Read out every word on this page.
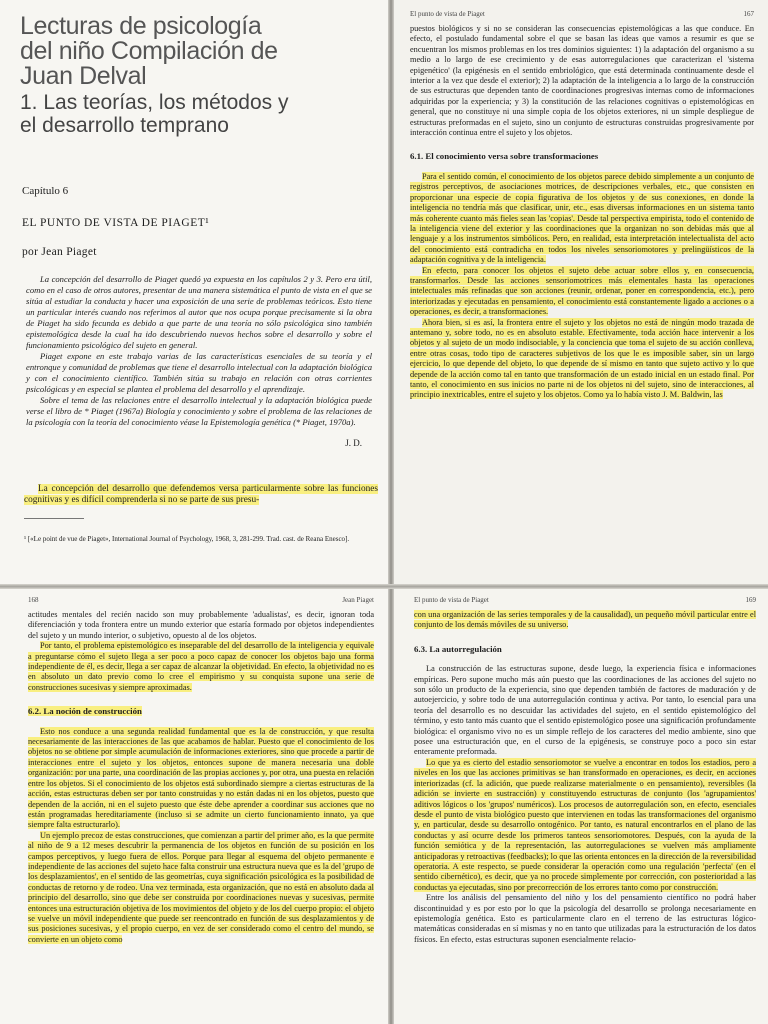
Lecturas de psicología
del niño Compilación de
Juan Delval
1. Las teorías, los métodos y
el desarrollo temprano
Capítulo 6
EL PUNTO DE VISTA DE PIAGET¹
por Jean Piaget

La concepción del desarrollo de Piaget quedó ya expuesta en los capítulos 2 y 3. Pero era útil, como en el caso de otros autores, presentar de una manera sistemática el punto de vista en el que se sitúa al estudiar la conducta y hacer una exposición de una serie de problemas teóricos. Esto tiene un particular interés cuando nos referimos al autor que nos ocupa porque precisamente si la obra de Piaget ha sido fecunda es debido a que parte de una teoría no sólo psicológica sino también epistemológica desde la cual ha ido descubriendo nuevos hechos sobre el desarrollo y sobre el funcionamiento psicológico del sujeto en general.

Piaget expone en este trabajo varias de las características esenciales de su teoría y el entronque y comunidad de problemas que tiene el desarrollo intelectual con la adaptación biológica y con el conocimiento científico. También sitúa su trabajo en relación con otras corrientes psicológicas y en especial se plantea el problema del desarrollo y el aprendizaje.

Sobre el tema de las relaciones entre el desarrollo intelectual y la adaptación biológica puede verse el libro de * Piaget (1967a) Biología y conocimiento y sobre el problema de las relaciones de la psicología con la teoría del conocimiento véase la Epistemología genética (* Piaget, 1970a).

J. D.
La concepción del desarrollo que defendemos versa particularmente sobre las funciones cognitivas y es difícil comprenderla si no se parte de sus presu-
¹ [«Le point de vue de Piaget», International Journal of Psychology, 1968, 3, 281-299. Trad. cast. de Reana Enesco].
El punto de vista de Piaget	167

puestos biológicos y si no se consideran las consecuencias epistemológicas a las que conduce. En efecto, el postulado fundamental sobre el que se basan las ideas que vamos a resumir es que se encuentran los mismos problemas en los tres dominios siguientes: 1) la adaptación del organismo a su medio a lo largo de ese crecimiento y de esas autorregulaciones que caracterizan el 'sistema epigenético' (la epigénesis en el sentido embriológico, que está determinada continuamente desde el interior a la vez que desde el exterior); 2) la adaptación de la inteligencia a lo largo de la construcción de sus estructuras que dependen tanto de coordinaciones progresivas internas como de informaciones adquiridas por la experiencia; y 3) la constitución de las relaciones cognitivas o epistemológicas en general, que no constituye ni una simple copia de los objetos exteriores, ni un simple despliegue de estructuras preformadas en el sujeto, sino un conjunto de estructuras construidas progresivamente por interacción continua entre el sujeto y los objetos.

6.1. El conocimiento versa sobre transformaciones

Para el sentido común, el conocimiento de los objetos parece debido simplemente a un conjunto de registros perceptivos, de asociaciones motrices, de descripciones verbales, etc., que consisten en proporcionar una especie de copia figurativa de los objetos y de sus conexiones, en donde la inteligencia no tendría más que clasificar, unir, etc., esas diversas informaciones en un sistema tanto más coherente cuanto más fieles sean las 'copias'. Desde tal perspectiva empirista, todo el contenido de la inteligencia viene del exterior y las coordinaciones que la organizan no son debidas más que al lenguaje y a los instrumentos simbólicos. Pero, en realidad, esta interpretación intelectualista del acto del conocimiento está contradicha en todos los niveles sensoriomotores y prelingüísticos de la adaptación cognitiva y de la inteligencia.

En efecto, para conocer los objetos el sujeto debe actuar sobre ellos y, en consecuencia, transformarlos. Desde las acciones sensoriomotrices más elementales hasta las operaciones intelectuales más refinadas que son acciones (reunir, ordenar, poner en correspondencia, etc.), pero interiorizadas y ejecutadas en pensamiento, el conocimiento está constantemente ligado a acciones o a operaciones, es decir, a transformaciones.

Ahora bien, si es así, la frontera entre el sujeto y los objetos no está de ningún modo trazada de antemano y, sobre todo, no es en absoluto estable. Efectivamente, toda acción hace intervenir a los objetos y al sujeto de un modo indisociable, y la conciencia que toma el sujeto de su acción conlleva, entre otras cosas, todo tipo de caracteres subjetivos de los que le es imposible saber, sin un largo ejercicio, lo que depende del objeto, lo que depende de sí mismo en tanto que sujeto activo y lo que depende de la acción como tal en tanto que transformación de un estado inicial en un estado final. Por tanto, el conocimiento en sus inicios no parte ni de los objetos ni del sujeto, sino de interacciones, al principio inextricables, entre el sujeto y los objetos. Como ya lo había visto J. M. Baldwin, las

168	Jean Piaget

actitudes mentales del recién nacido son muy probablemente 'adualistas', es decir, ignoran toda diferenciación y toda frontera entre un mundo exterior que estaría formado por objetos independientes del sujeto y un mundo interior, o subjetivo, opuesto al de los objetos.

Por tanto, el problema epistemológico es inseparable del del desarrollo de la inteligencia y equivale a preguntarse cómo el sujeto llega a ser poco a poco capaz de conocer los objetos bajo una forma independiente de él, es decir, llega a ser capaz de alcanzar la objetividad. En efecto, la objetividad no es en absoluto un dato previo como lo cree el empirismo y su conquista supone una serie de construcciones sucesivas y siempre aproximadas.

6.2. La noción de construcción

Esto nos conduce a una segunda realidad fundamental que es la de construcción, y que resulta necesariamente de las interacciones de las que acabamos de hablar. Puesto que el conocimiento de los objetos no se obtiene por simple acumulación de informaciones exteriores, sino que procede a partir de interacciones entre el sujeto y los objetos, entonces supone de manera necesaria una doble organización: por una parte, una coordinación de las propias acciones y, por otra, una puesta en relación entre los objetos. Si el conocimiento de los objetos está subordinado siempre a ciertas estructuras de la acción, estas estructuras deben ser por tanto construidas y no están dadas ni en los objetos, puesto que dependen de la acción, ni en el sujeto puesto que éste debe aprender a coordinar sus acciones que no están programadas hereditariamente (incluso si se admite un cierto funcionamiento innato, ya que siempre falta estructurarlo).

Un ejemplo precoz de estas construcciones, que comienzan a partir del primer año, es la que permite al niño de 9 a 12 meses descubrir la permanencia de los objetos en función de su posición en los campos perceptivos, y luego fuera de ellos. Porque para llegar al esquema del objeto permanente e independiente de las acciones del sujeto hace falta construir una estructura nueva que es la del 'grupo de los desplazamientos', en el sentido de las geometrías, cuya significación psicológica es la posibilidad de conductas de retorno y de rodeo. Una vez terminada, esta organización, que no está en absoluto dada al principio del desarrollo, sino que debe ser construida por coordinaciones nuevas y sucesivas, permite entonces una estructuración objetiva de los movimientos del objeto y de los del cuerpo propio: el objeto se vuelve un móvil independiente que puede ser reencontrado en función de sus desplazamientos y de sus posiciones sucesivas, y el propio cuerpo, en vez de ser considerado como el centro del mundo, se convierte en un objeto como

El punto de vista de Piaget	169

con una organización de las series temporales y de la causalidad), un pequeño móvil particular entre el conjunto de los demás móviles de su universo.

6.3. La autorregulación

La construcción de las estructuras supone, desde luego, la experiencia física e informaciones empíricas. Pero supone mucho más aún puesto que las coordinaciones de las acciones del sujeto no son sólo un producto de la experiencia, sino que dependen también de factores de maduración y de autoejercicio, y sobre todo de una autorregulación continua y activa. Por tanto, lo esencial para una teoría del desarrollo es no descuidar las actividades del sujeto, en el sentido epistemológico del término, y esto tanto más cuanto que el sentido epistemológico posee una significación profundamente biológica: el organismo vivo no es un simple reflejo de los caracteres del medio ambiente, sino que posee una estructuración que, en el curso de la epigénesis, se construye poco a poco sin estar enteramente preformada.

Lo que ya es cierto del estadio sensoriomotor se vuelve a encontrar en todos los estadios, pero a niveles en los que las acciones primitivas se han transformado en operaciones, es decir, en acciones interiorizadas (cf. la adición, que puede realizarse materialmente o en pensamiento), reversibles (la adición se invierte en sustracción) y constituyendo estructuras de conjunto (los 'agrupamientos' aditivos lógicos o los 'grupos' numéricos). Los procesos de autorregulación son, en efecto, esenciales desde el punto de vista biológico puesto que intervienen en todas las transformaciones del organismo y, en particular, desde su desarrollo ontogénico. Por tanto, es natural encontrarlos en el plano de las conductas y así ocurre desde los primeros tanteos sensoriomotores. Después, con la ayuda de la función semiótica y de la representación, las autorregulaciones se vuelven más ampliamente anticipadoras y retroactivas (feedbacks); lo que las orienta entonces en la dirección de la reversibilidad operatoria. A este respecto, se puede considerar la operación como una regulación 'perfecta' (en el sentido cibernético), es decir, que ya no procede simplemente por corrección, con posterioridad a las conductas ya ejecutadas, sino por precorrección de los errores tanto como por construcción.

Entre los análisis del pensamiento del niño y los del pensamiento científico no podrá haber discontinuidad y es por esto por lo que la psicología del desarrollo se prolonga necesariamente en epistemología genética. Esto es particularmente claro en el terreno de las estructuras lógico-matemáticas consideradas en sí mismas y no en tanto que utilizadas para la estructuración de los datos físicos. En efecto, estas estructuras suponen esencialmente relacio-
